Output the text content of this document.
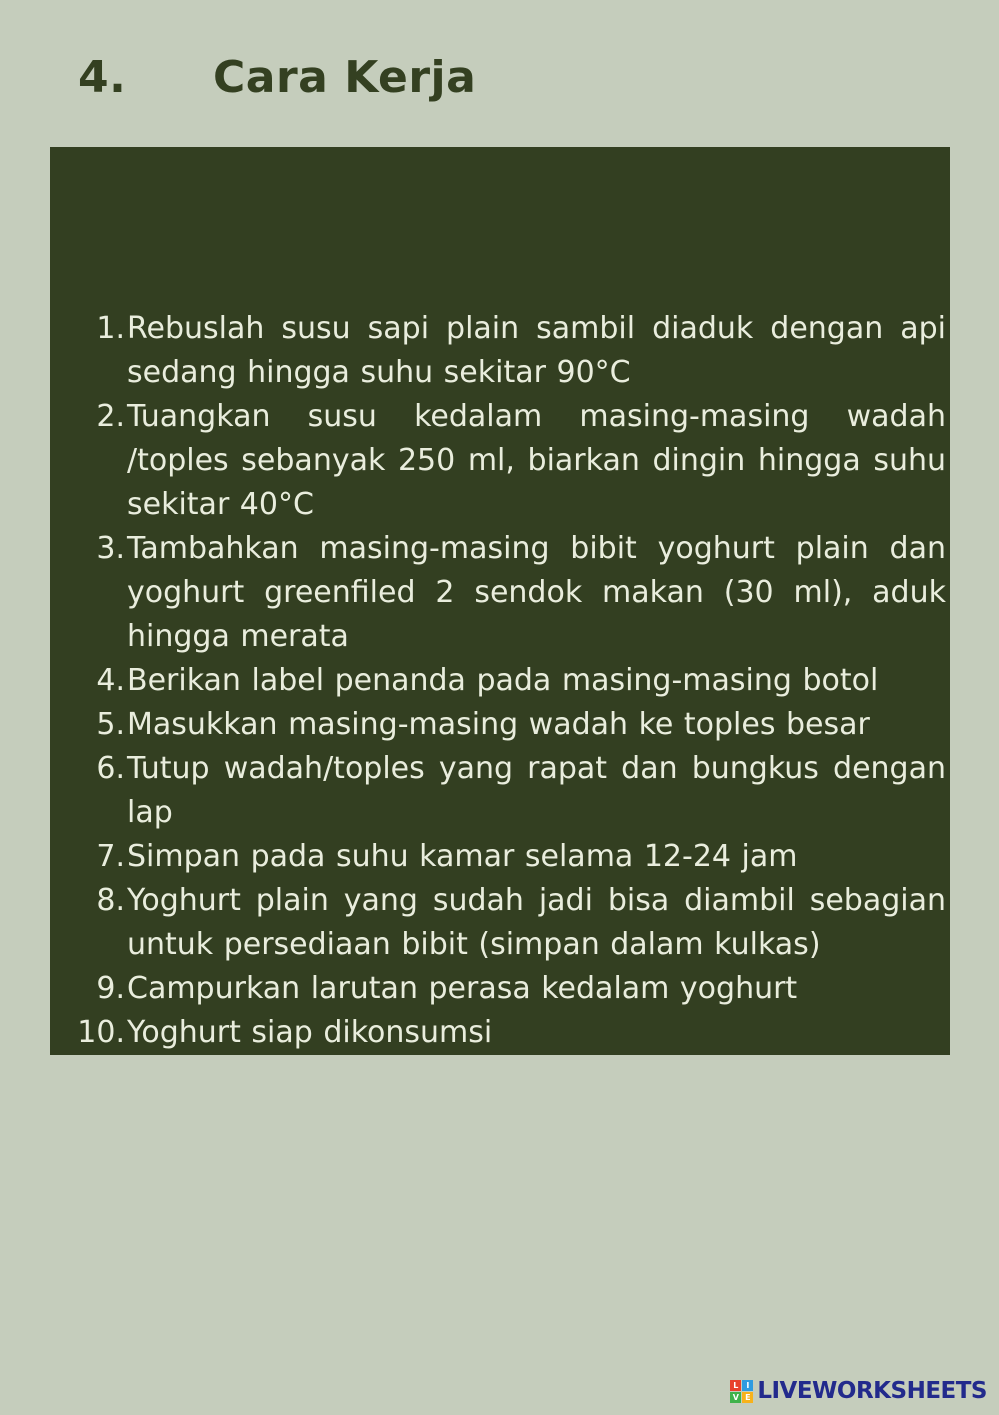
4.	Cara Kerja
1. Rebuslah susu sapi plain sambil diaduk dengan api sedang hingga suhu sekitar 90°C
2. Tuangkan susu kedalam masing-masing wadah /toples sebanyak 250 ml, biarkan dingin hingga suhu sekitar 40°C
3. Tambahkan masing-masing bibit yoghurt plain dan yoghurt greenfiled 2 sendok makan (30 ml), aduk hingga merata
4. Berikan label penanda pada masing-masing botol
5. Masukkan masing-masing wadah ke toples besar
6. Tutup wadah/toples yang rapat dan bungkus dengan lap
7. Simpan pada suhu kamar selama 12-24 jam
8. Yoghurt plain yang sudah jadi bisa diambil sebagian untuk persediaan bibit (simpan dalam kulkas)
9. Campurkan larutan perasa kedalam yoghurt
10. Yoghurt siap dikonsumsi
L I
V E LIVEWORKSHEETS
